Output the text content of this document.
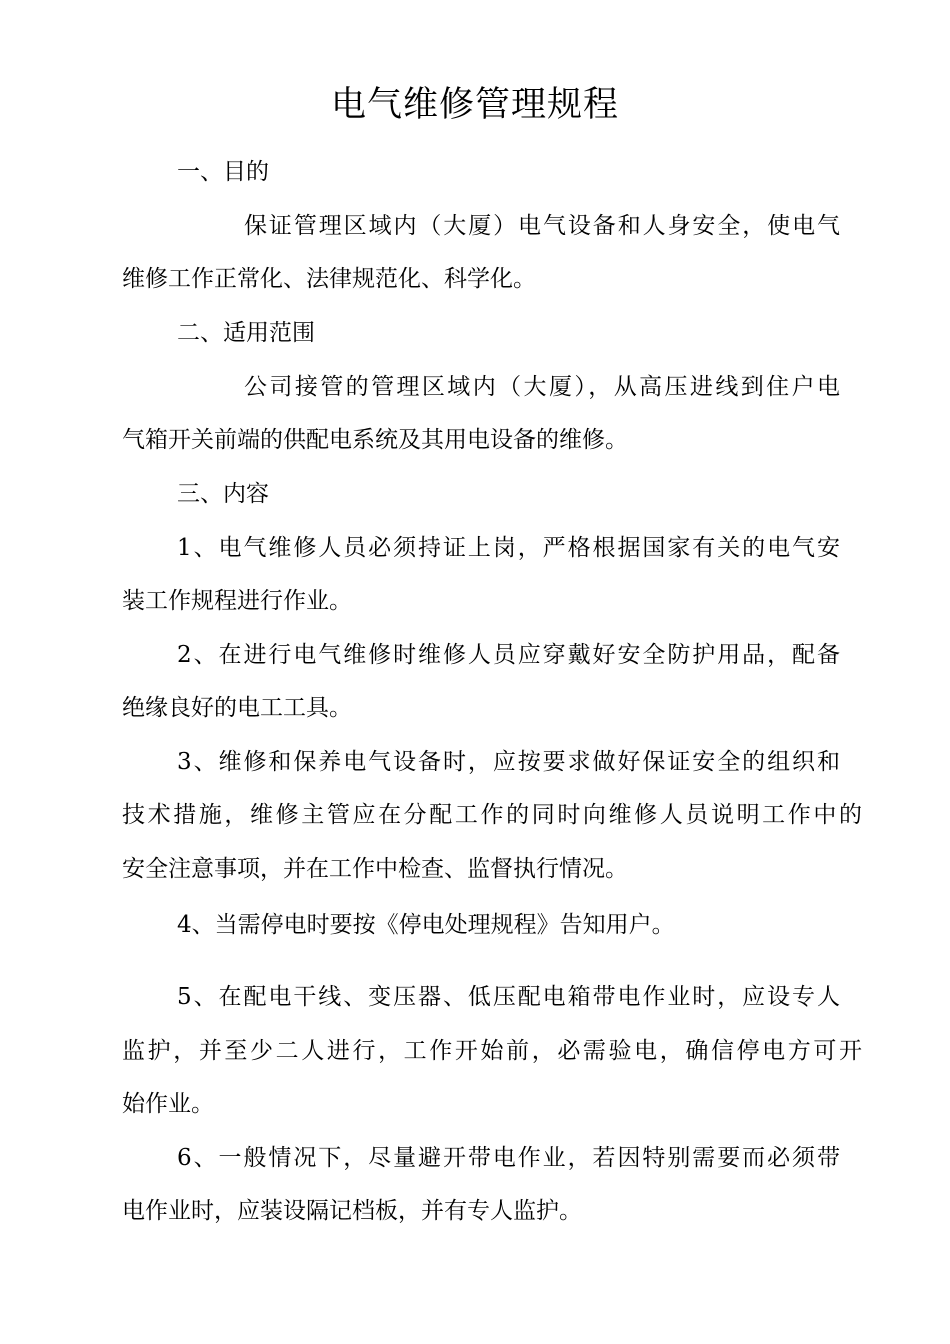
电气维修管理规程
一、目的
保证管理区域内（大厦）电气设备和人身安全，使电气
维修工作正常化、法律规范化、科学化。
二、适用范围
公司接管的管理区域内（大厦），从高压进线到住户电
气箱开关前端的供配电系统及其用电设备的维修。
三、内容
1、电气维修人员必须持证上岗，严格根据国家有关的电气安
装工作规程进行作业。
2、在进行电气维修时维修人员应穿戴好安全防护用品，配备
绝缘良好的电工工具。
3、维修和保养电气设备时，应按要求做好保证安全的组织和
技术措施，维修主管应在分配工作的同时向维修人员说明工作中的
安全注意事项，并在工作中检查、监督执行情况。
4、当需停电时要按《停电处理规程》告知用户。
5、在配电干线、变压器、低压配电箱带电作业时，应设专人
监护，并至少二人进行，工作开始前，必需验电，确信停电方可开
始作业。
6、一般情况下，尽量避开带电作业，若因特别需要而必须带
电作业时，应装设隔记档板，并有专人监护。
